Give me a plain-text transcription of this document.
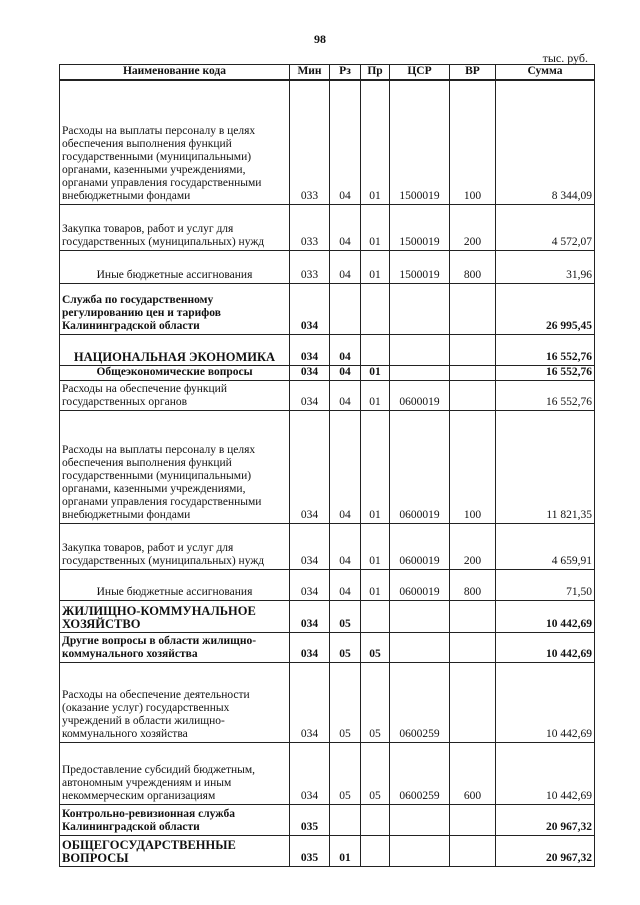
98
тыс. руб.
Наименование кода	Мин	Рз	Пр	ЦСР	ВР	Сумма
Расходы на выплаты персоналу в целях обеспечения выполнения функций государственными (муниципальными) органами, казенными учреждениями, органами управления государственными внебюджетными фондами	033	04	01	1500019	100	8 344,09
Закупка товаров, работ и услуг для государственных (муниципальных) нужд	033	04	01	1500019	200	4 572,07
Иные бюджетные ассигнования	033	04	01	1500019	800	31,96
Служба по государственному регулированию цен и тарифов Калининградской области	034					26 995,45
НАЦИОНАЛЬНАЯ ЭКОНОМИКА	034	04				16 552,76
Общеэкономические вопросы	034	04	01			16 552,76
Расходы на обеспечение функций государственных органов	034	04	01	0600019		16 552,76
Расходы на выплаты персоналу в целях обеспечения выполнения функций государственными (муниципальными) органами, казенными учреждениями, органами управления государственными внебюджетными фондами	034	04	01	0600019	100	11 821,35
Закупка товаров, работ и услуг для государственных (муниципальных) нужд	034	04	01	0600019	200	4 659,91
Иные бюджетные ассигнования	034	04	01	0600019	800	71,50
ЖИЛИЩНО-КОММУНАЛЬНОЕ ХОЗЯЙСТВО	034	05				10 442,69
Другие вопросы в области жилищно-коммунального хозяйства	034	05	05			10 442,69
Расходы на обеспечение деятельности (оказание услуг) государственных учреждений в области жилищно-коммунального хозяйства	034	05	05	0600259		10 442,69
Предоставление субсидий бюджетным, автономным учреждениям и иным некоммерческим организациям	034	05	05	0600259	600	10 442,69
Контрольно-ревизионная служба Калининградской области	035					20 967,32
ОБЩЕГОСУДАРСТВЕННЫЕ ВОПРОСЫ	035	01				20 967,32
